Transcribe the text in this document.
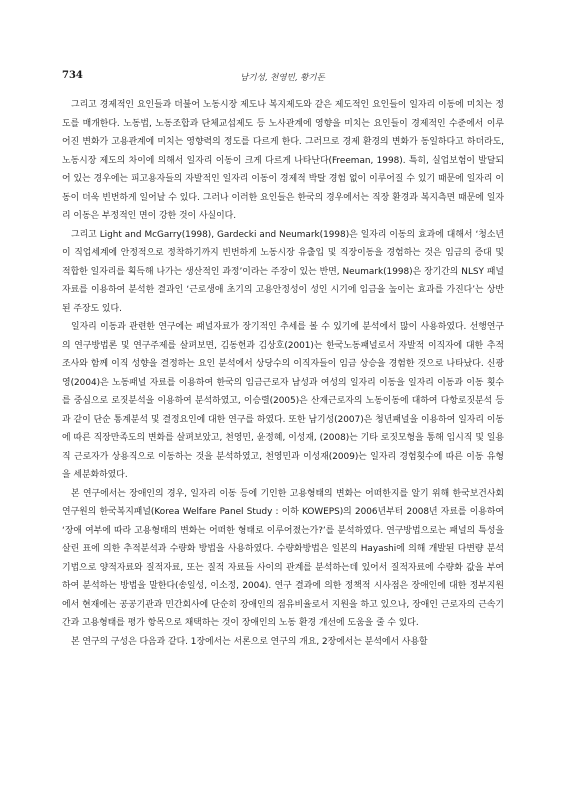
734	남기성, 천영민, 황기돈

그리고 경제적인 요인들과 더불어 노동시장 제도나 복지제도와 같은 제도적인 요인들이 일자리 이동에 미치는 정도를 매개한다. 노동법, 노동조합과 단체교섭제도 등 노사관계에 영향을 미치는 요인들이 경제적인 수준에서 이루어진 변화가 고용관계에 미치는 영향력의 정도를 다르게 한다. 그러므로 경제 환경의 변화가 동일하다고 하더라도, 노동시장 제도의 차이에 의해서 일자리 이동이 크게 다르게 나타난다(Freeman, 1998). 특히, 실업보험이 발달되어 있는 경우에는 피고용자들의 자발적인 일자리 이동이 경제적 박탈 경험 없이 이루어질 수 있기 때문에 일자리 이동이 더욱 빈번하게 일어날 수 있다. 그러나 이러한 요인들은 한국의 경우에서는 직장 환경과 복지측면 때문에 일자리 이동은 부정적인 면이 강한 것이 사실이다.

그리고 Light and McGarry(1998), Gardecki and Neumark(1998)은 일자리 이동의 효과에 대해서 ‘청소년이 직업세계에 안정적으로 정착하기까지 빈번하게 노동시장 유출입 및 직장이동을 경험하는 것은 임금의 증대 및 적합한 일자리를 획득해 나가는 생산적인 과정’이라는 주장이 있는 반면, Neumark(1998)은 장기간의 NLSY 패널 자료를 이용하여 분석한 결과인 ‘근로생애 초기의 고용안정성이 성인 시기에 임금을 높이는 효과를 가진다’는 상반된 주장도 있다.

일자리 이동과 관련한 연구에는 패널자료가 장기적인 추세를 볼 수 있기에 분석에서 많이 사용하였다. 선행연구의 연구방법론 및 연구주제를 살펴보면, 김동헌과 김상호(2001)는 한국노동패널로서 자발적 이직자에 대한 추적 조사와 함께 이직 성향을 결정하는 요인 분석에서 상당수의 이직자들이 임금 상승을 경험한 것으로 나타났다. 신광영(2004)은 노동패널 자료를 이용하여 한국의 임금근로자 남성과 여성의 일자리 이동을 일자리 이동과 이동 횟수를 중심으로 로짓분석을 이용하여 분석하였고, 이승렬(2005)은 산재근로자의 노동이동에 대하여 다항로짓분석 등과 같이 단순 통계분석 및 결정요인에 대한 연구를 하였다. 또한 남기성(2007)은 청년패널을 이용하여 일자리 이동에 따른 직장만족도의 변화를 살펴보았고, 천영민, 윤정혜, 이성재, (2008)는 기타 로짓모형을 통해 임시직 및 일용직 근로자가 상용직으로 이동하는 것을 분석하였고, 천영민과 이성재(2009)는 일자리 경험횟수에 따른 이동 유형을 세분화하였다.

본 연구에서는 장애인의 경우, 일자리 이동 등에 기인한 고용형태의 변화는 어떠한지를 알기 위해 한국보건사회연구원의 한국복지패널(Korea Welfare Panel Study : 이하 KOWEPS)의 2006년부터 2008년 자료를 이용하여 ‘장애 여부에 따라 고용형태의 변화는 어떠한 형태로 이루어졌는가?’를 분석하였다. 연구방법으로는 패널의 특성을 살린 표에 의한 추적분석과 수량화 방법을 사용하였다. 수량화방법은 일본의 Hayashi에 의해 개발된 다변량 분석기법으로 양적자료와 질적자료, 또는 질적 자료들 사이의 관계를 분석하는데 있어서 질적자료에 수량화 값을 부여하여 분석하는 방법을 말한다(송일성, 이소정, 2004). 연구 결과에 의한 정책적 시사점은 장애인에 대한 정부지원에서 현재에는 공공기관과 민간회사에 단순히 장애인의 점유비율로서 지원을 하고 있으나, 장애인 근로자의 근속기간과 고용형태를 평가 항목으로 채택하는 것이 장애인의 노동 환경 개선에 도움을 줄 수 있다.

본 연구의 구성은 다음과 같다. 1장에서는 서론으로 연구의 개요, 2장에서는 분석에서 사용할
